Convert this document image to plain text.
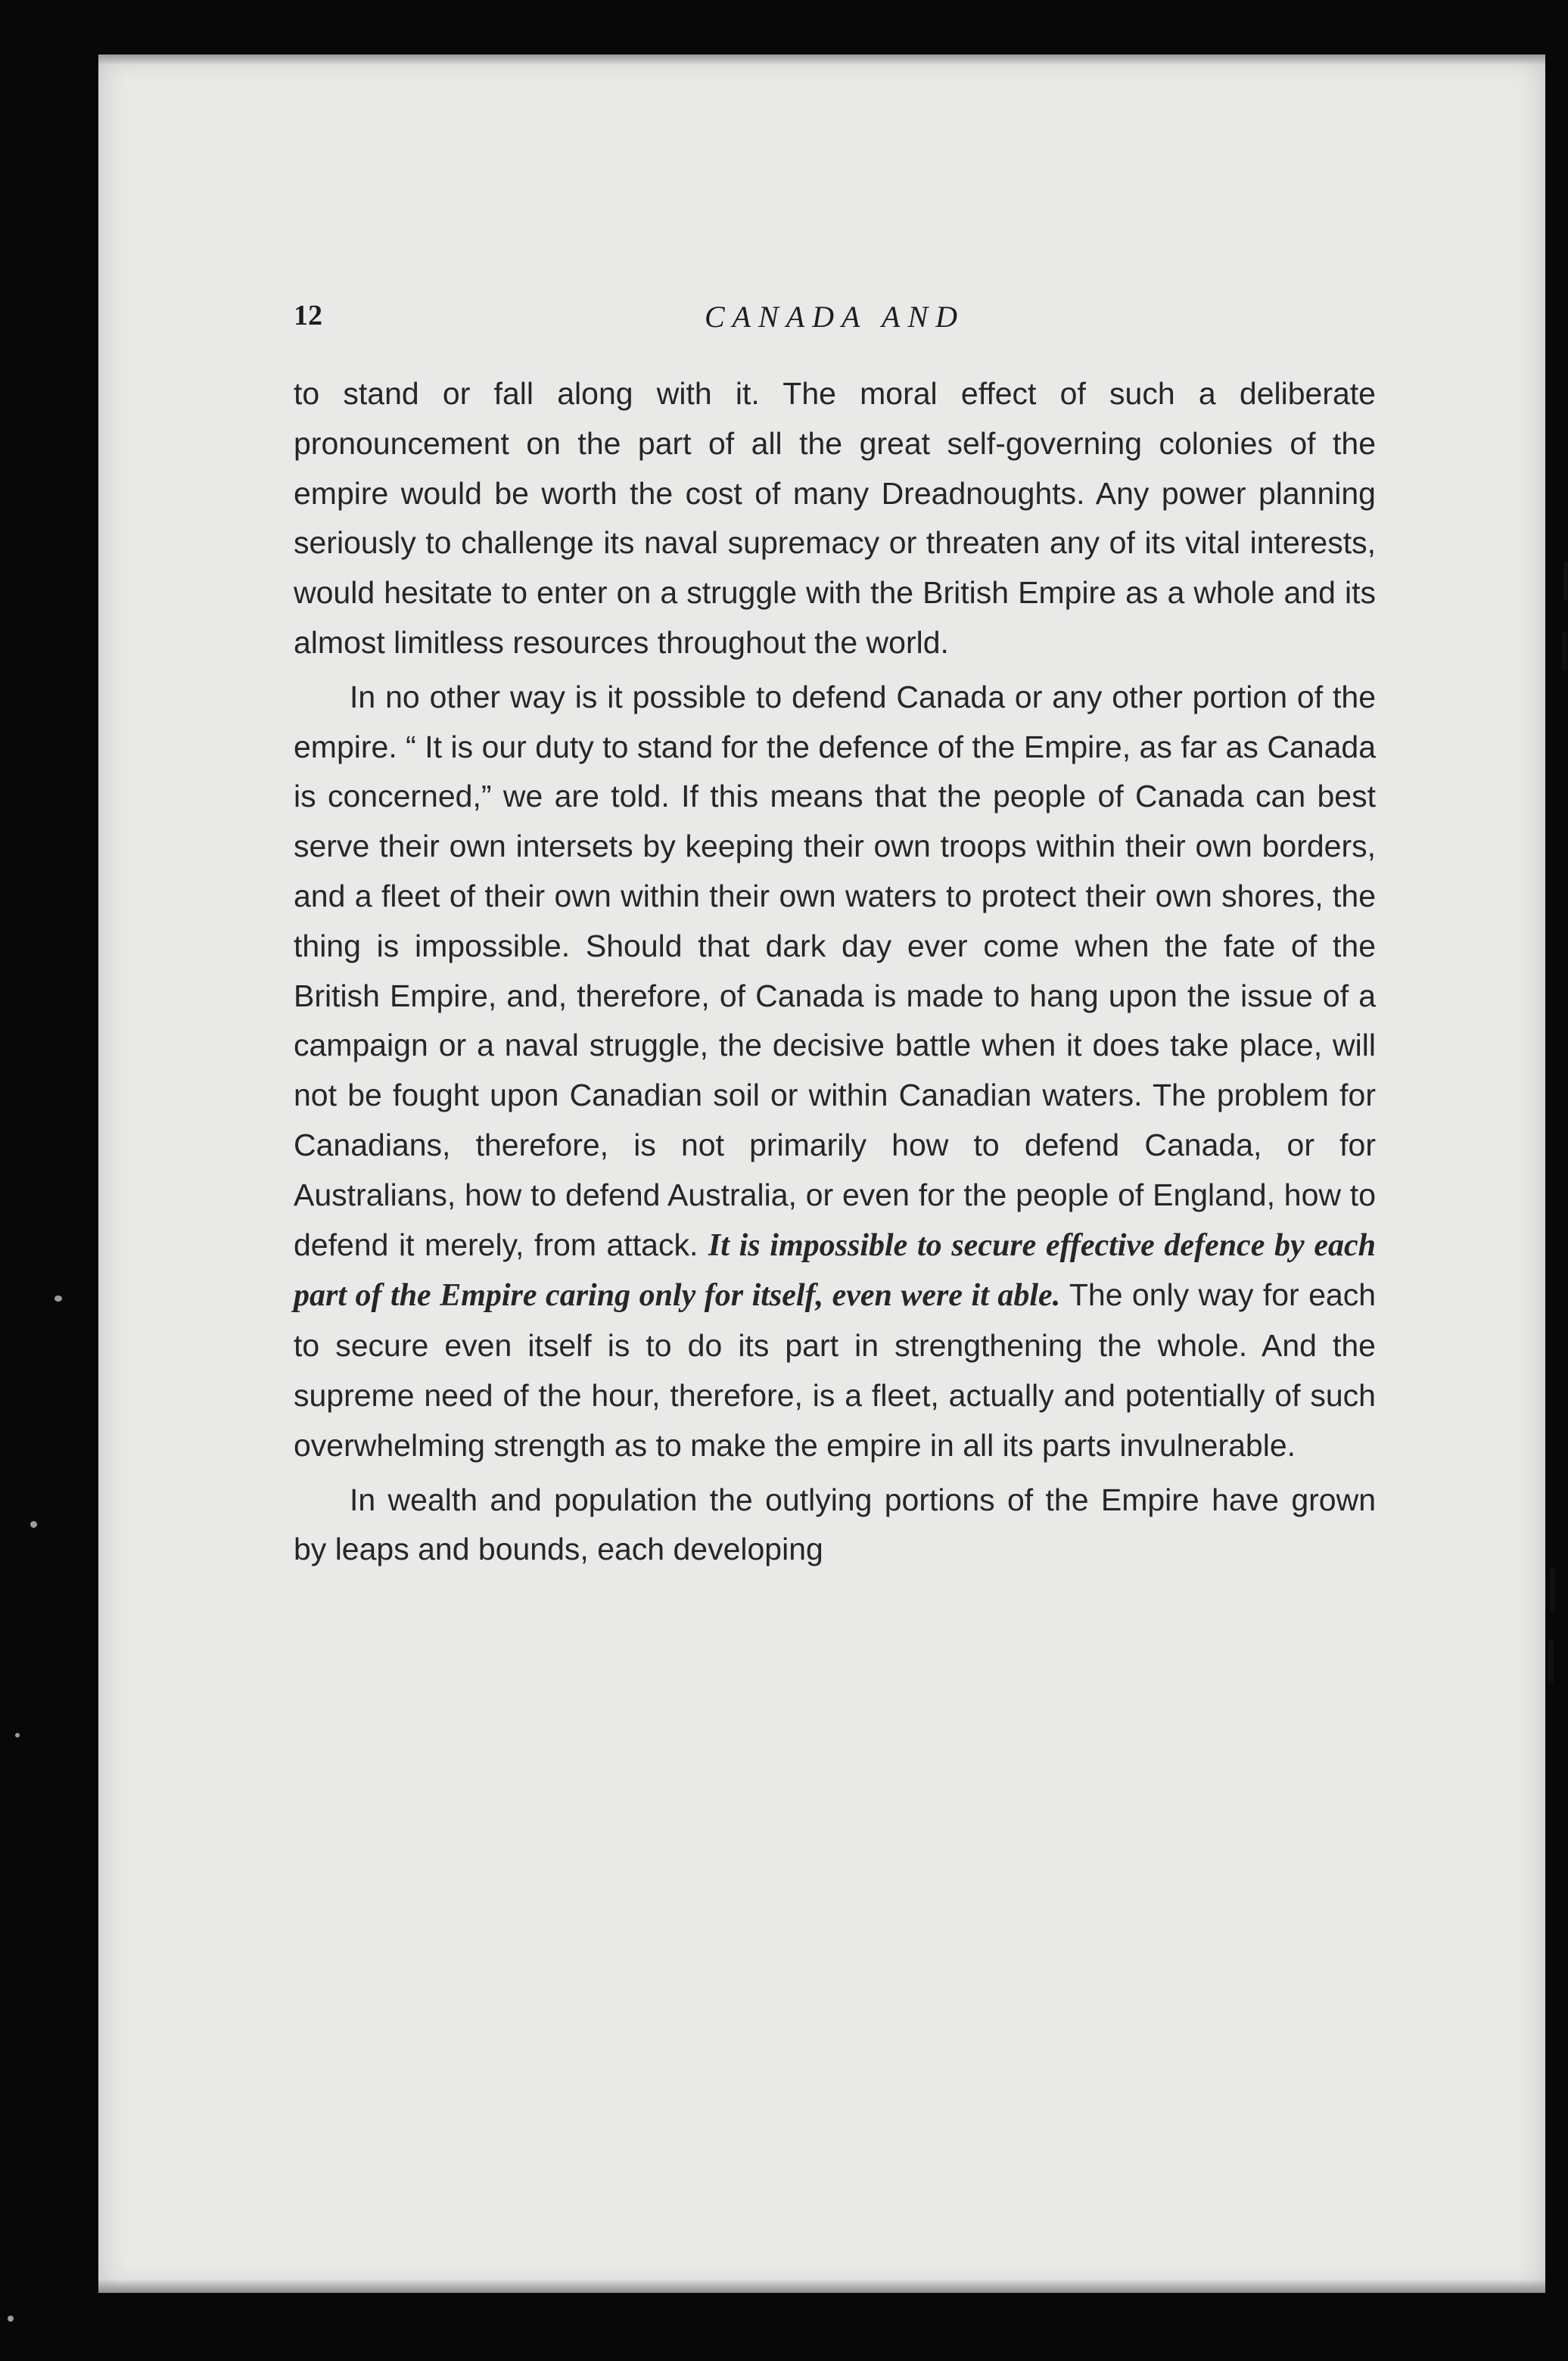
12	CANADA AND

to stand or fall along with it. The moral effect of such a deliberate pronouncement on the part of all the great self-governing colonies of the empire would be worth the cost of many Dreadnoughts. Any power planning seriously to challenge its naval supremacy or threaten any of its vital interests, would hesitate to enter on a struggle with the British Empire as a whole and its almost limitless resources throughout the world.

In no other way is it possible to defend Canada or any other portion of the empire. “ It is our duty to stand for the defence of the Empire, as far as Canada is concerned,” we are told. If this means that the people of Canada can best serve their own intersets by keeping their own troops within their own borders, and a fleet of their own within their own waters to protect their own shores, the thing is impossible. Should that dark day ever come when the fate of the British Empire, and, therefore, of Canada is made to hang upon the issue of a campaign or a naval struggle, the decisive battle when it does take place, will not be fought upon Canadian soil or within Canadian waters. The problem for Canadians, therefore, is not primarily how to defend Canada, or for Australians, how to defend Australia, or even for the people of England, how to defend it merely, from attack. It is impossible to secure effective defence by each part of the Empire caring only for itself, even were it able. The only way for each to secure even itself is to do its part in strengthening the whole. And the supreme need of the hour, therefore, is a fleet, actually and potentially of such overwhelming strength as to make the empire in all its parts invulnerable.

In wealth and population the outlying portions of the Empire have grown by leaps and bounds, each developing
